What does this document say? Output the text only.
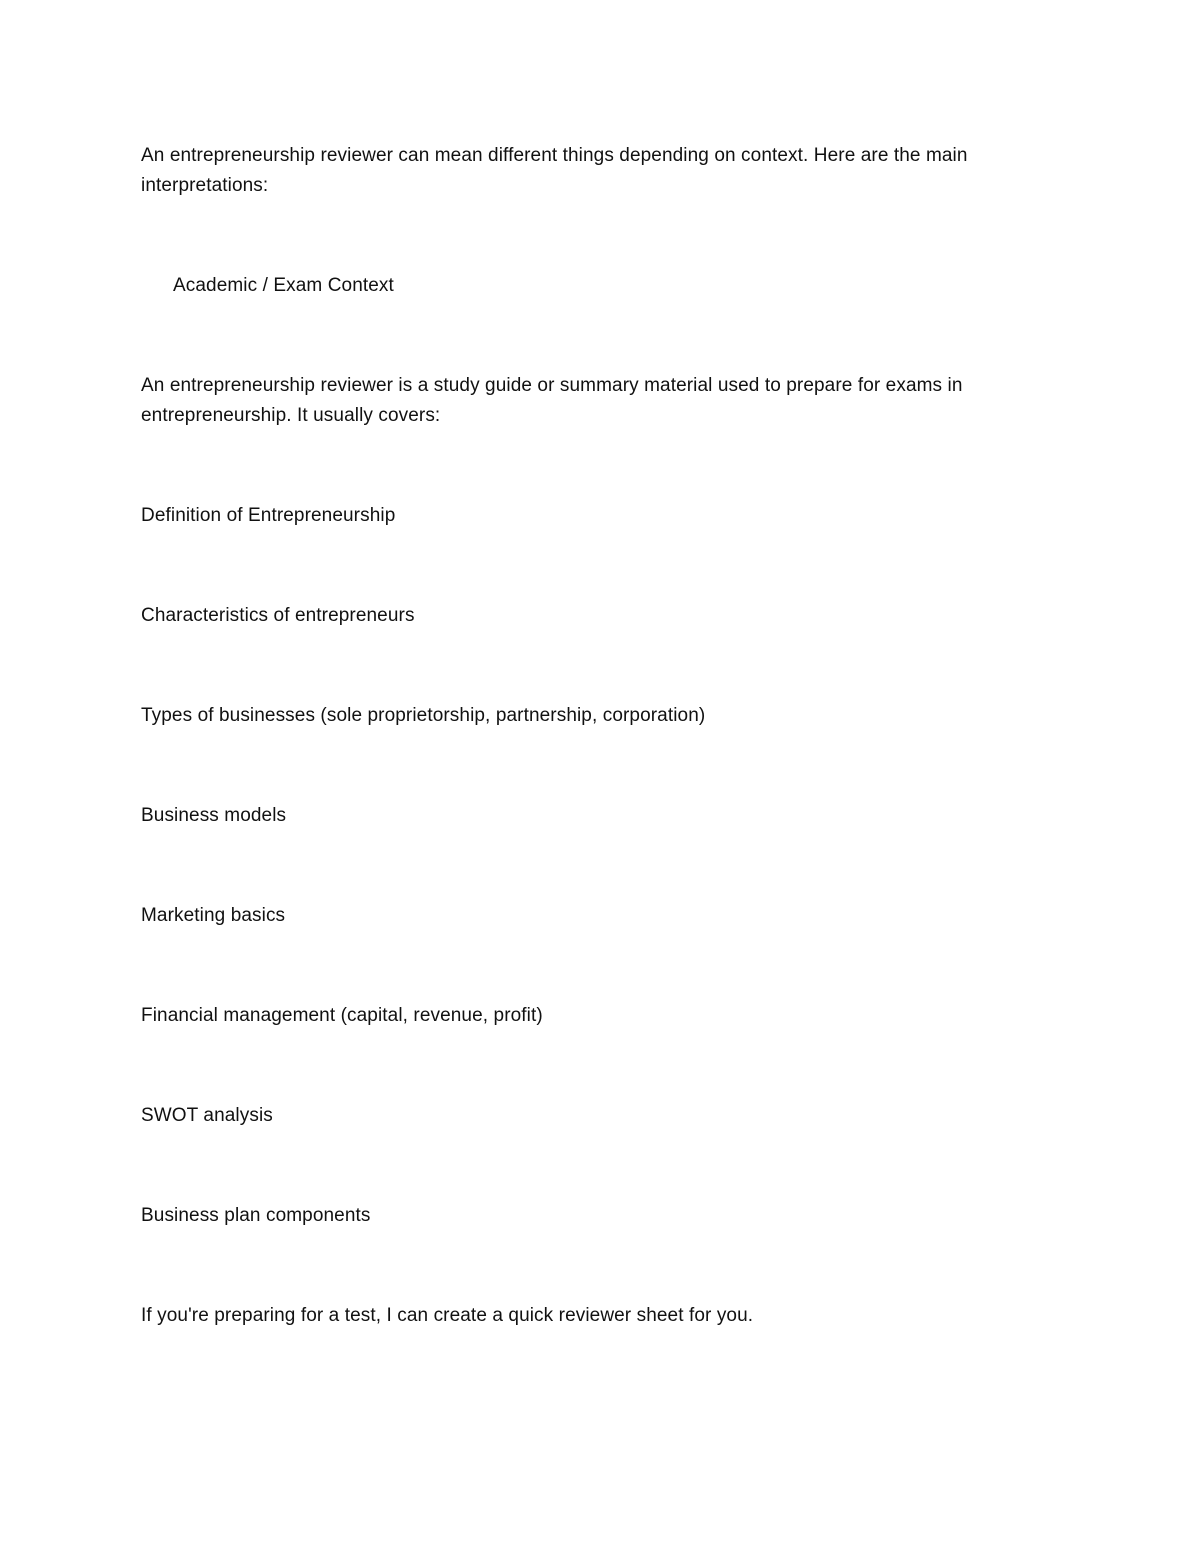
An entrepreneurship reviewer can mean different things depending on context. Here are the main interpretations:

Academic / Exam Context

An entrepreneurship reviewer is a study guide or summary material used to prepare for exams in entrepreneurship. It usually covers:

Definition of Entrepreneurship
Characteristics of entrepreneurs
Types of businesses (sole proprietorship, partnership, corporation)
Business models
Marketing basics
Financial management (capital, revenue, profit)
SWOT analysis
Business plan components

If you're preparing for a test, I can create a quick reviewer sheet for you.
